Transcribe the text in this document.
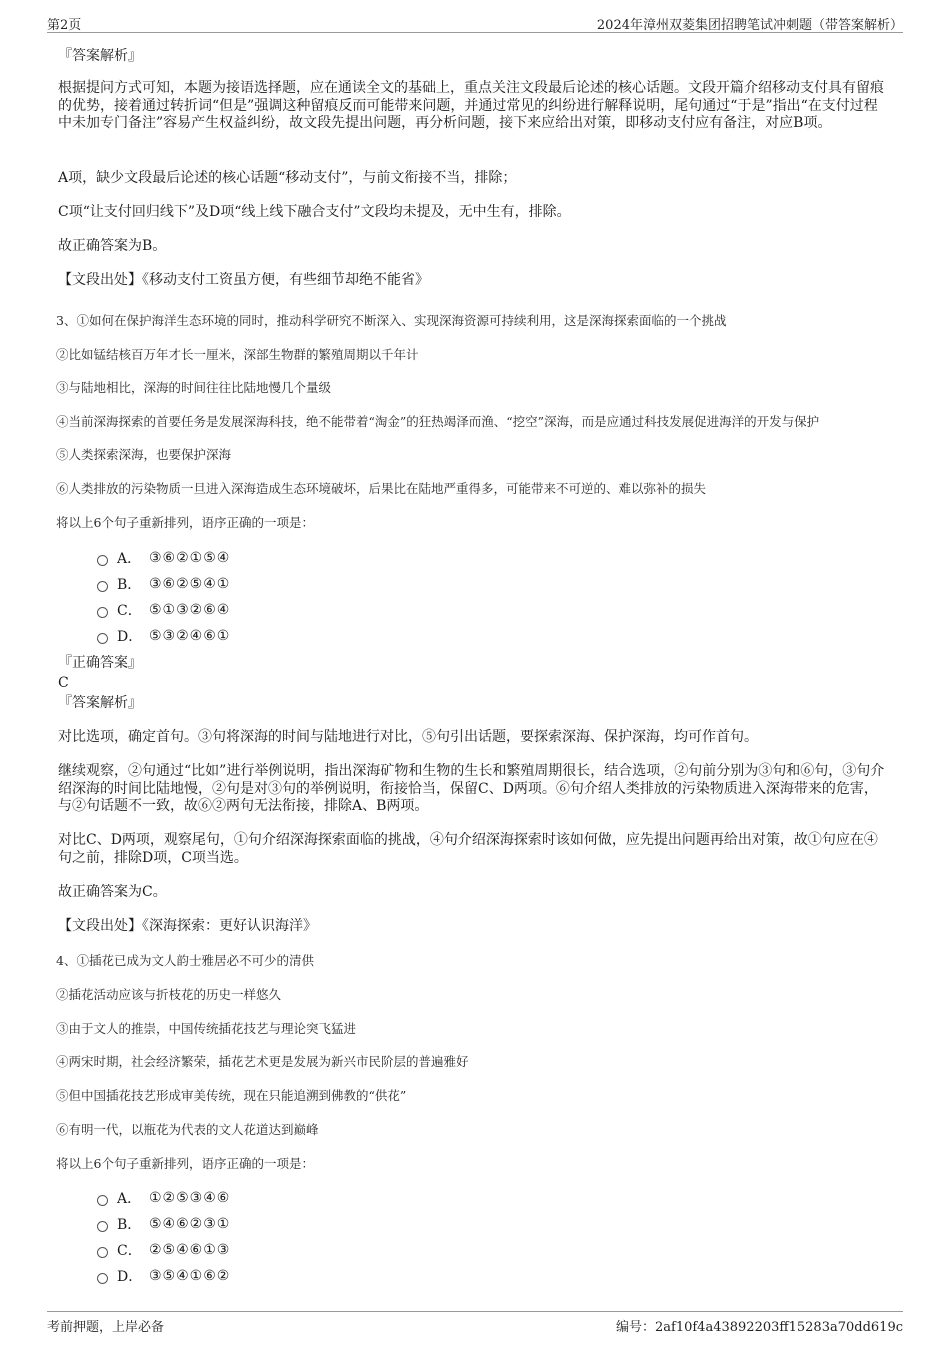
第2页	2024年漳州双菱集团招聘笔试冲刺题（带答案解析）
『答案解析』
根据提问方式可知，本题为接语选择题，应在通读全文的基础上，重点关注文段最后论述的核心话题。文段开篇介绍移动支付具有留痕的优势，接着通过转折词“但是”强调这种留痕反而可能带来问题，并通过常见的纠纷进行解释说明，尾句通过“于是”指出“在支付过程中未加专门备注”容易产生权益纠纷，故文段先提出问题，再分析问题，接下来应给出对策，即移动支付应有备注，对应B项。
A项，缺少文段最后论述的核心话题“移动支付”，与前文衔接不当，排除；
C项“让支付回归线下”及D项“线上线下融合支付”文段均未提及，无中生有，排除。
故正确答案为B。
【文段出处】《移动支付工资虽方便，有些细节却绝不能省》
3、①如何在保护海洋生态环境的同时，推动科学研究不断深入、实现深海资源可持续利用，这是深海探索面临的一个挑战
②比如锰结核百万年才长一厘米，深部生物群的繁殖周期以千年计
③与陆地相比，深海的时间往往比陆地慢几个量级
④当前深海探索的首要任务是发展深海科技，绝不能带着“淘金”的狂热竭泽而渔、“挖空”深海，而是应通过科技发展促进海洋的开发与保护
⑤人类探索深海，也要保护深海
⑥人类排放的污染物质一旦进入深海造成生态环境破坏，后果比在陆地严重得多，可能带来不可逆的、难以弥补的损失
将以上6个句子重新排列，语序正确的一项是：
A． ③⑥②①⑤④
B． ③⑥②⑤④①
C． ⑤①③②⑥④
D． ⑤③②④⑥①
『正确答案』
C
『答案解析』
对比选项，确定首句。③句将深海的时间与陆地进行对比，⑤句引出话题，要探索深海、保护深海，均可作首句。
继续观察，②句通过“比如”进行举例说明，指出深海矿物和生物的生长和繁殖周期很长，结合选项，②句前分别为③句和⑥句，③句介绍深海的时间比陆地慢，②句是对③句的举例说明，衔接恰当，保留C、D两项。⑥句介绍人类排放的污染物质进入深海带来的危害，与②句话题不一致，故⑥②两句无法衔接，排除A、B两项。
对比C、D两项，观察尾句，①句介绍深海探索面临的挑战，④句介绍深海探索时该如何做，应先提出问题再给出对策，故①句应在④句之前，排除D项，C项当选。
故正确答案为C。
【文段出处】《深海探索：更好认识海洋》
4、①插花已成为文人韵士雅居必不可少的清供
②插花活动应该与折枝花的历史一样悠久
③由于文人的推崇，中国传统插花技艺与理论突飞猛进
④两宋时期，社会经济繁荣，插花艺术更是发展为新兴市民阶层的普遍雅好
⑤但中国插花技艺形成审美传统，现在只能追溯到佛教的“供花”
⑥有明一代，以瓶花为代表的文人花道达到巅峰
将以上6个句子重新排列，语序正确的一项是：
A． ①②⑤③④⑥
B． ⑤④⑥②③①
C． ②⑤④⑥①③
D． ③⑤④①⑥②
考前押题，上岸必备	编号：2af10f4a43892203ff15283a70dd619c
